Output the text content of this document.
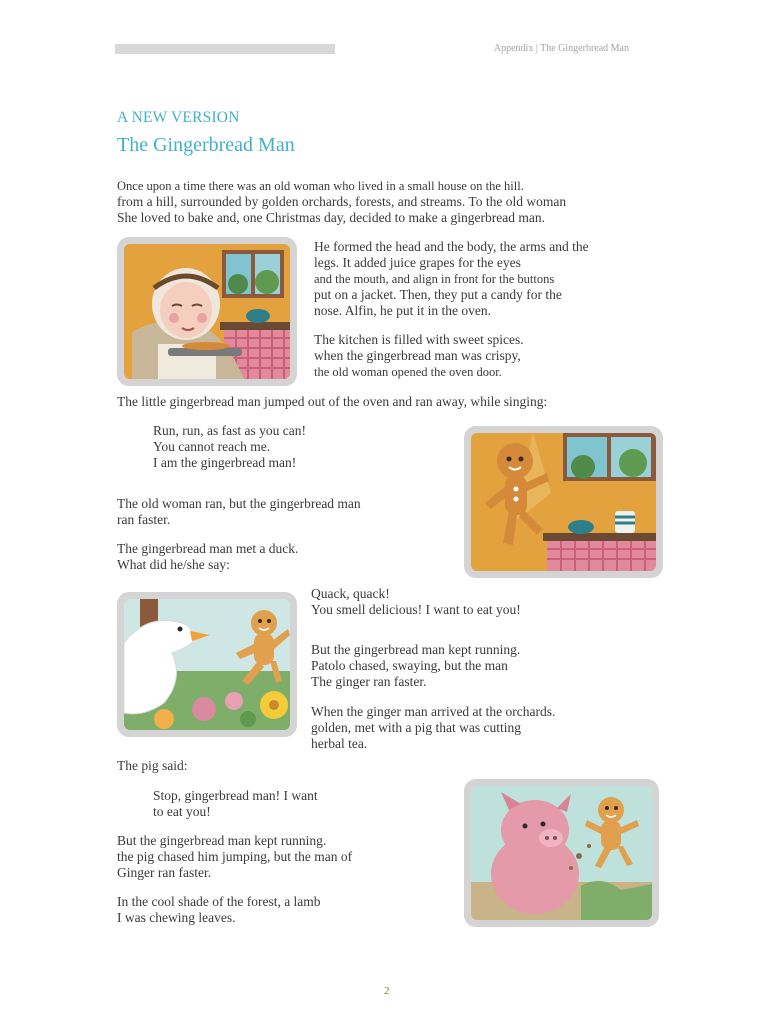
Appendix | The Gingerbread Man
A NEW VERSION
The Gingerbread Man
Once upon a time there was an old woman who lived in a small house on the hill.
from a hill, surrounded by golden orchards, forests, and streams. To the old woman
She loved to bake and, one Christmas day, decided to make a gingerbread man.
He formed the head and the body, the arms and the
legs. It added juice grapes for the eyes
and the mouth, and align in front for the buttons
put on a jacket. Then, they put a candy for the
nose. Alfin, he put it in the oven.
The kitchen is filled with sweet spices.
when the gingerbread man was crispy,
the old woman opened the oven door.
The little gingerbread man jumped out of the oven and ran away, while singing:
Run, run, as fast as you can!
You cannot reach me.
I am the gingerbread man!
The old woman ran, but the gingerbread man
ran faster.
The gingerbread man met a duck.
What did he/she say:
Quack, quack!
You smell delicious! I want to eat you!
But the gingerbread man kept running.
Patolo chased, swaying, but the man
The ginger ran faster.
When the ginger man arrived at the orchards.
golden, met with a pig that was cutting
herbal tea.
The pig said:
Stop, gingerbread man! I want
to eat you!
But the gingerbread man kept running.
the pig chased him jumping, but the man of
Ginger ran faster.
In the cool shade of the forest, a lamb
I was chewing leaves.
2
